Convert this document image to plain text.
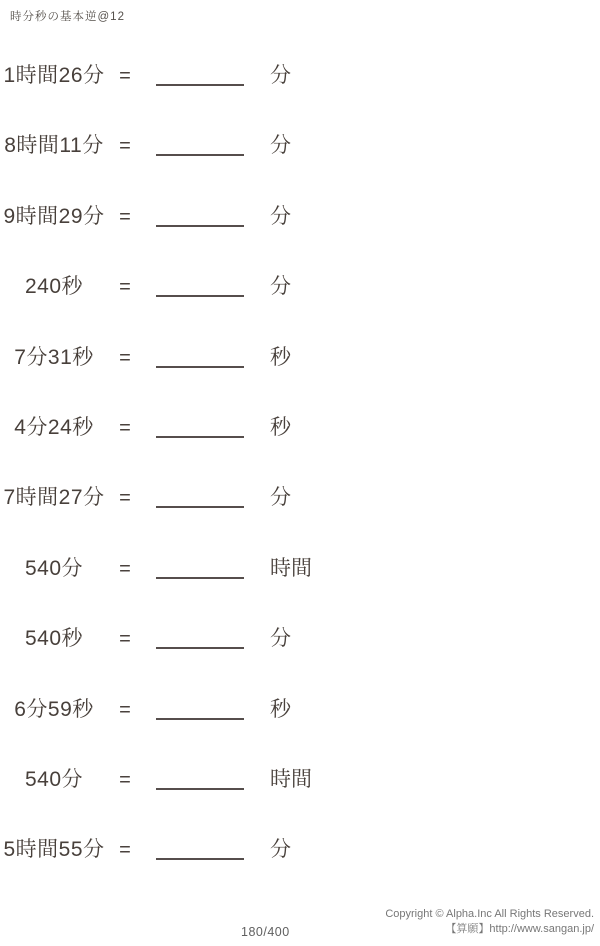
時分秒の基本逆@12
1時間26分 =	分
8時間11分 =	分
9時間29分 =	分
240秒	=	分
7分31秒	=	秒
4分24秒	=	秒
7時間27分 =	分
540分	=	時間
540秒	=	分
6分59秒	=	秒
540分	=	時間
5時間55分 =	分
180/400
Copyright © Alpha.Inc All Rights Reserved.
【算願】http://www.sangan.jp/
